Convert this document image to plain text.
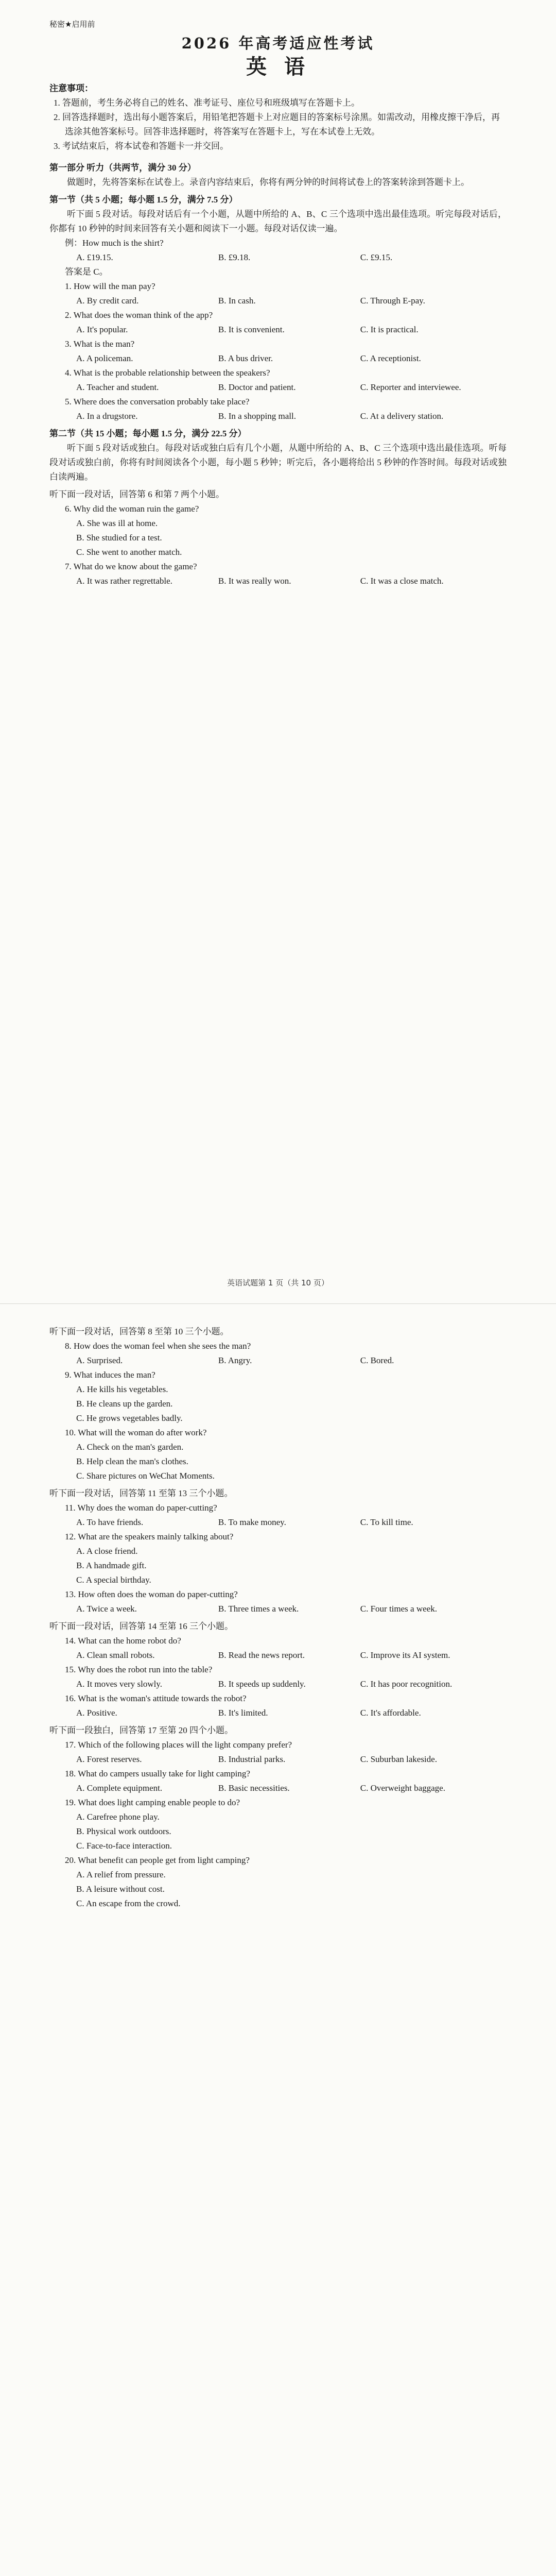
秘密★启用前
2026 年高考适应性考试
英 语
注意事项：
1. 答题前，考生务必将自己的姓名、准考证号、座位号和班级填写在答题卡上。
2. 回答选择题时，选出每小题答案后，用铅笔把答题卡上对应题目的答案标号涂黑。如需改动，用橡皮擦干净后，再选涂其他答案标号。回答非选择题时，将答案写在答题卡上，写在本试卷上无效。
3. 考试结束后，将本试卷和答题卡一并交回。
第一部分 听力（共两节，满分 30 分）
做题时，先将答案标在试卷上。录音内容结束后，你将有两分钟的时间将试卷上的答案转涂到答题卡上。
第一节（共 5 小题；每小题 1.5 分，满分 7.5 分）
听下面 5 段对话。每段对话后有一个小题，从题中所给的 A、B、C 三个选项中选出最佳选项。听完每段对话后，你都有 10 秒钟的时间来回答有关小题和阅读下一小题。每段对话仅读一遍。
例：How much is the shirt?
A. £19.15.	B. £9.18.	C. £9.15.
答案是 C。
1. How will the man pay?
A. By credit card.	B. In cash.	C. Through E-pay.
2. What does the woman think of the app?
A. It's popular.	B. It is convenient.	C. It is practical.
3. What is the man?
A. A policeman.	B. A bus driver.	C. A receptionist.
4. What is the probable relationship between the speakers?
A. Teacher and student.	B. Doctor and patient.	C. Reporter and interviewee.
5. Where does the conversation probably take place?
A. In a drugstore.	B. In a shopping mall.	C. At a delivery station.
第二节（共 15 小题；每小题 1.5 分，满分 22.5 分）
听下面 5 段对话或独白。每段对话或独白后有几个小题，从题中所给的 A、B、C 三个选项中选出最佳选项。听每段对话或独白前，你将有时间阅读各个小题，每小题 5 秒钟；听完后，各小题将给出 5 秒钟的作答时间。每段对话或独白读两遍。
听下面一段对话，回答第 6 和第 7 两个小题。
6. Why did the woman ruin the game?
A. She was ill at home.
B. She studied for a test.
C. She went to another match.
7. What do we know about the game?
A. It was rather regrettable.	B. It was really won.	C. It was a close match.
英语试题第 1 页（共 10 页）
听下面一段对话，回答第 8 至第 10 三个小题。
8. How does the woman feel when she sees the man?
A. Surprised.	B. Angry.	C. Bored.
9. What induces the man?
A. He kills his vegetables.
B. He cleans up the garden.
C. He grows vegetables badly.
10. What will the woman do after work?
A. Check on the man's garden.
B. Help clean the man's clothes.
C. Share pictures on WeChat Moments.
听下面一段对话，回答第 11 至第 13 三个小题。
11. Why does the woman do paper-cutting?
A. To have friends.	B. To make money.	C. To kill time.
12. What are the speakers mainly talking about?
A. A close friend.
B. A handmade gift.
C. A special birthday.
13. How often does the woman do paper-cutting?
A. Twice a week.	B. Three times a week.	C. Four times a week.
听下面一段对话，回答第 14 至第 16 三个小题。
14. What can the home robot do?
A. Clean small robots.	B. Read the news report.	C. Improve its AI system.
15. Why does the robot run into the table?
A. It moves very slowly.	B. It speeds up suddenly.	C. It has poor recognition.
16. What is the woman's attitude towards the robot?
A. Positive.	B. It's limited.	C. It's affordable.
听下面一段独白，回答第 17 至第 20 四个小题。
17. Which of the following places will the light company prefer?
A. Forest reserves.	B. Industrial parks.	C. Suburban lakeside.
18. What do campers usually take for light camping?
A. Complete equipment.	B. Basic necessities.	C. Overweight baggage.
19. What does light camping enable people to do?
A. Carefree phone play.
B. Physical work outdoors.
C. Face-to-face interaction.
20. What benefit can people get from light camping?
A. A relief from pressure.
B. A leisure without cost.
C. An escape from the crowd.
